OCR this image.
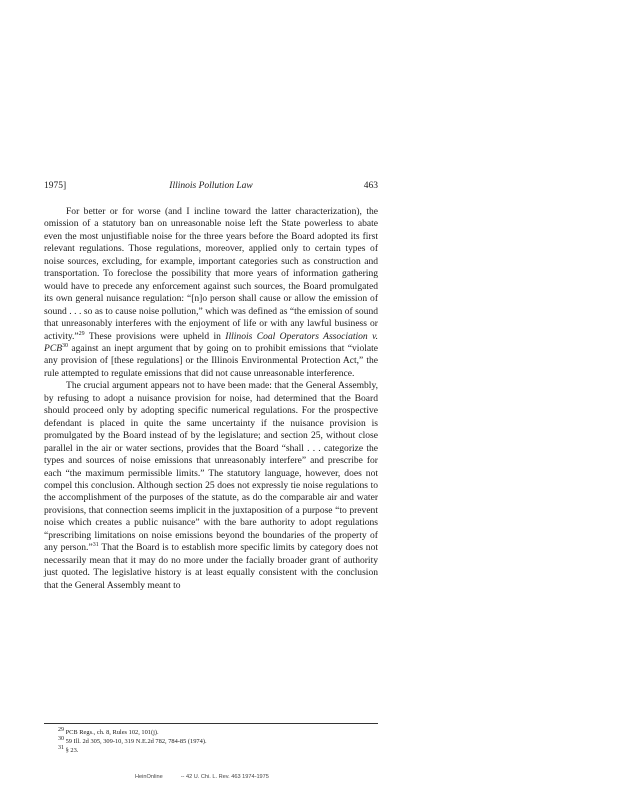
1975]	Illinois Pollution Law	463

For better or for worse (and I incline toward the latter characterization), the omission of a statutory ban on unreasonable noise left the State powerless to abate even the most unjustifiable noise for the three years before the Board adopted its first relevant regulations. Those regulations, moreover, applied only to certain types of noise sources, excluding, for example, important categories such as construction and transportation. To foreclose the possibility that more years of information gathering would have to precede any enforcement against such sources, the Board promulgated its own general nuisance regulation: “[n]o person shall cause or allow the emission of sound . . . so as to cause noise pollution,” which was defined as “the emission of sound that unreasonably interferes with the enjoyment of life or with any lawful business or activity.”$^{29}$ These provisions were upheld in Illinois Coal Operators Association v. PCB$^{30}$ against an inept argument that by going on to prohibit emissions that “violate any provision of [these regulations] or the Illinois Environmental Protection Act,” the rule attempted to regulate emissions that did not cause unreasonable interference.

The crucial argument appears not to have been made: that the General Assembly, by refusing to adopt a nuisance provision for noise, had determined that the Board should proceed only by adopting specific numerical regulations. For the prospective defendant is placed in quite the same uncertainty if the nuisance provision is promulgated by the Board instead of by the legislature; and section 25, without close parallel in the air or water sections, provides that the Board “shall . . . categorize the types and sources of noise emissions that unreasonably interfere” and prescribe for each “the maximum permissible limits.” The statutory language, however, does not compel this conclusion. Although section 25 does not expressly tie noise regulations to the accomplishment of the purposes of the statute, as do the comparable air and water provisions, that connection seems implicit in the juxtaposition of a purpose “to prevent noise which creates a public nuisance” with the bare authority to adopt regulations “prescribing limitations on noise emissions beyond the boundaries of the property of any person.”$^{31}$ That the Board is to establish more specific limits by category does not necessarily mean that it may do no more under the facially broader grant of authority just quoted. The legislative history is at least equally consistent with the conclusion that the General Assembly meant to

$^{29}$ PCB Regs., ch. 8, Rules 102, 101(j).
$^{30}$ 59 Ill. 2d 305, 309-10, 319 N.E.2d 782, 784-85 (1974).
$^{31}$ § 23.
HeinOnline	-- 42 U. Chi. L. Rev. 463 1974-1975
